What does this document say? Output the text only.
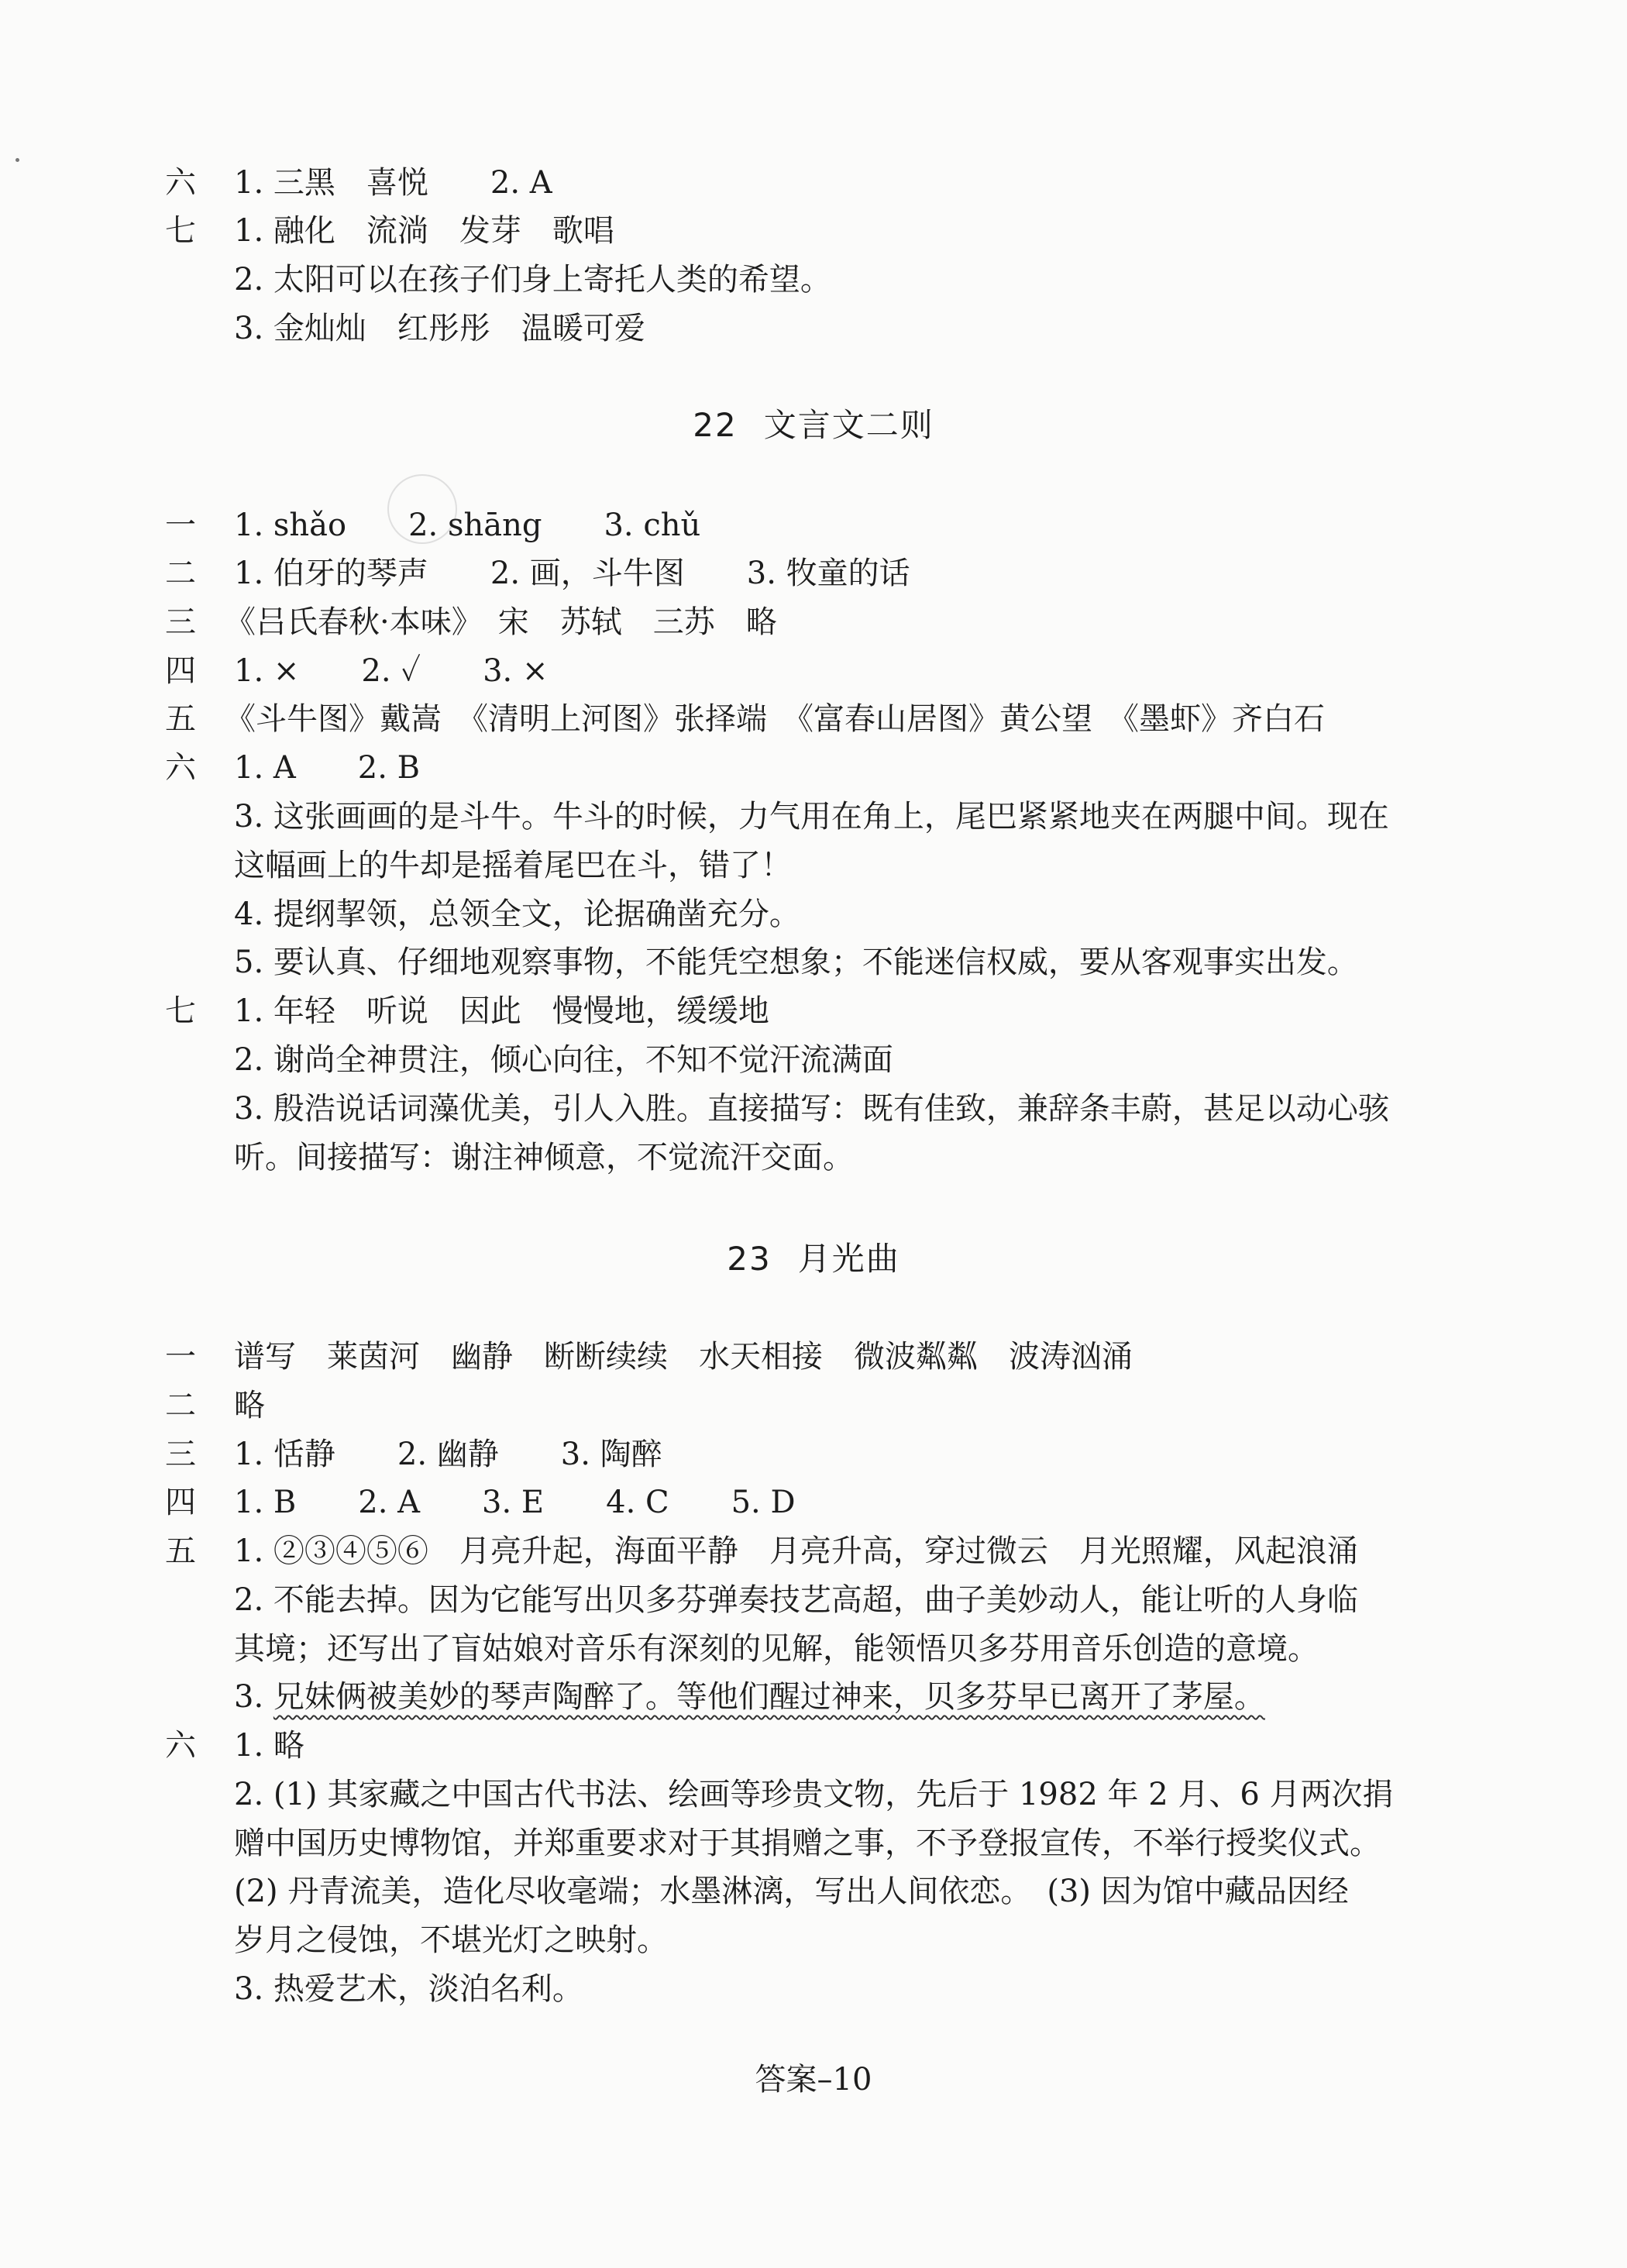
六 1. 三黑　喜悦　　2. A
七 1. 融化　流淌　发芽　歌唱
2. 太阳可以在孩子们身上寄托人类的希望。
3. 金灿灿　红彤彤　温暖可爱
22 文言文二则
一 1. shǎo　　2. shāng　　3. chǔ
二 1. 伯牙的琴声　　2. 画，斗牛图　　3. 牧童的话
三 《吕氏春秋·本味》　宋　苏轼　三苏　略
四 1. ×　　2. ✓　　3. ×
五 《斗牛图》戴嵩　《清明上河图》张择端　《富春山居图》黄公望　《墨虾》齐白石
六 1. A　　2. B
3. 这张画画的是斗牛。牛斗的时候，力气用在角上，尾巴紧紧地夹在两腿中间。现在
这幅画上的牛却是摇着尾巴在斗，错了！
4. 提纲挈领，总领全文，论据确凿充分。
5. 要认真、仔细地观察事物，不能凭空想象；不能迷信权威，要从客观事实出发。
七 1. 年轻　听说　因此　慢慢地，缓缓地
2. 谢尚全神贯注，倾心向往，不知不觉汗流满面
3. 殷浩说话词藻优美，引人入胜。直接描写：既有佳致，兼辞条丰蔚，甚足以动心骇
听。间接描写：谢注神倾意，不觉流汗交面。
23 月光曲
一 谱写　莱茵河　幽静　断断续续　水天相接　微波粼粼　波涛汹涌
二 略
三 1. 恬静　　2. 幽静　　3. 陶醉
四 1. B　　2. A　　3. E　　4. C　　5. D
五 1. ②③④⑤⑥　月亮升起，海面平静　月亮升高，穿过微云　月光照耀，风起浪涌
2. 不能去掉。因为它能写出贝多芬弹奏技艺高超，曲子美妙动人，能让听的人身临
其境；还写出了盲姑娘对音乐有深刻的见解，能领悟贝多芬用音乐创造的意境。
3. 兄妹俩被美妙的琴声陶醉了。等他们醒过神来，贝多芬早已离开了茅屋。
六 1. 略
2. (1) 其家藏之中国古代书法、绘画等珍贵文物，先后于 1982 年 2 月、6 月两次捐
赠中国历史博物馆，并郑重要求对于其捐赠之事，不予登报宣传，不举行授奖仪式。
(2) 丹青流美，造化尽收毫端；水墨淋漓，写出人间依恋。　(3) 因为馆中藏品因经
岁月之侵蚀，不堪光灯之映射。
3. 热爱艺术，淡泊名利。
答案–10
